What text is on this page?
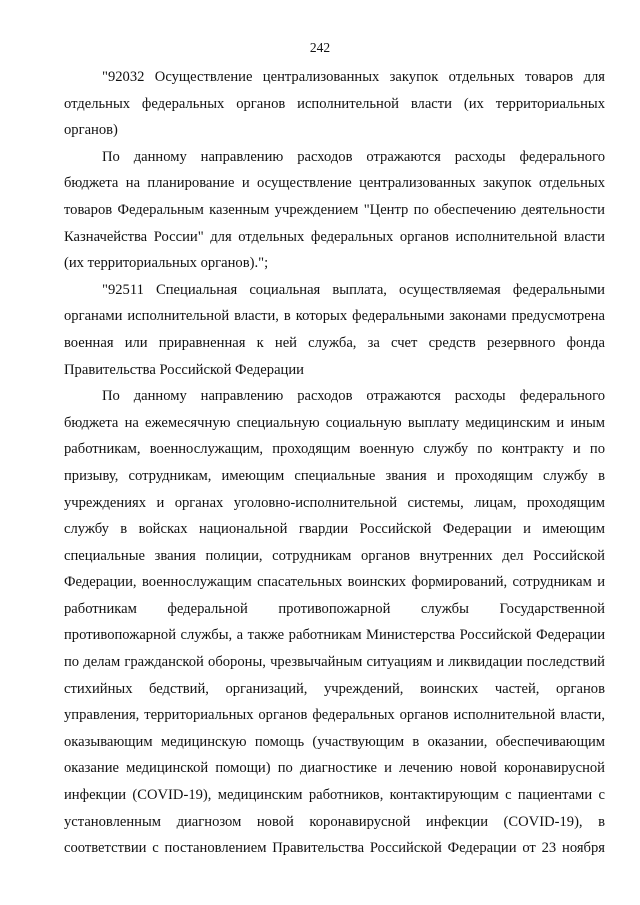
242

"92032 Осуществление централизованных закупок отдельных товаров для
отдельных федеральных органов исполнительной власти (их территориальных
органов)

По данному направлению расходов отражаются расходы федерального
бюджета на планирование и осуществление централизованных закупок отдельных
товаров Федеральным казенным учреждением "Центр по обеспечению деятельности
Казначейства России" для отдельных федеральных органов исполнительной власти
(их территориальных органов).";

"92511 Специальная социальная выплата, осуществляемая федеральными
органами исполнительной власти, в которых федеральными законами предусмотрена
военная или приравненная к ней служба, за счет средств резервного фонда
Правительства Российской Федерации

По данному направлению расходов отражаются расходы федерального
бюджета на ежемесячную специальную социальную выплату медицинским и иным
работникам, военнослужащим, проходящим военную службу по контракту и по
призыву, сотрудникам, имеющим специальные звания и проходящим службу в
учреждениях и органах уголовно-исполнительной системы, лицам, проходящим
службу в войсках национальной гвардии Российской Федерации и имеющим
специальные звания полиции, сотрудникам органов внутренних дел Российской
Федерации, военнослужащим спасательных воинских формирований, сотрудникам и
работникам федеральной противопожарной службы Государственной
противопожарной службы, а также работникам Министерства Российской Федерации
по делам гражданской обороны, чрезвычайным ситуациям и ликвидации последствий
стихийных бедствий, организаций, учреждений, воинских частей, органов
управления, территориальных органов федеральных органов исполнительной власти,
оказывающим медицинскую помощь (участвующим в оказании, обеспечивающим
оказание медицинской помощи) по диагностике и лечению новой коронавирусной
инфекции (COVID-19), медицинским работников, контактирующим с пациентами с
установленным диагнозом новой коронавирусной инфекции (COVID-19), в
соответствии с постановлением Правительства Российской Федерации от 23 ноября
